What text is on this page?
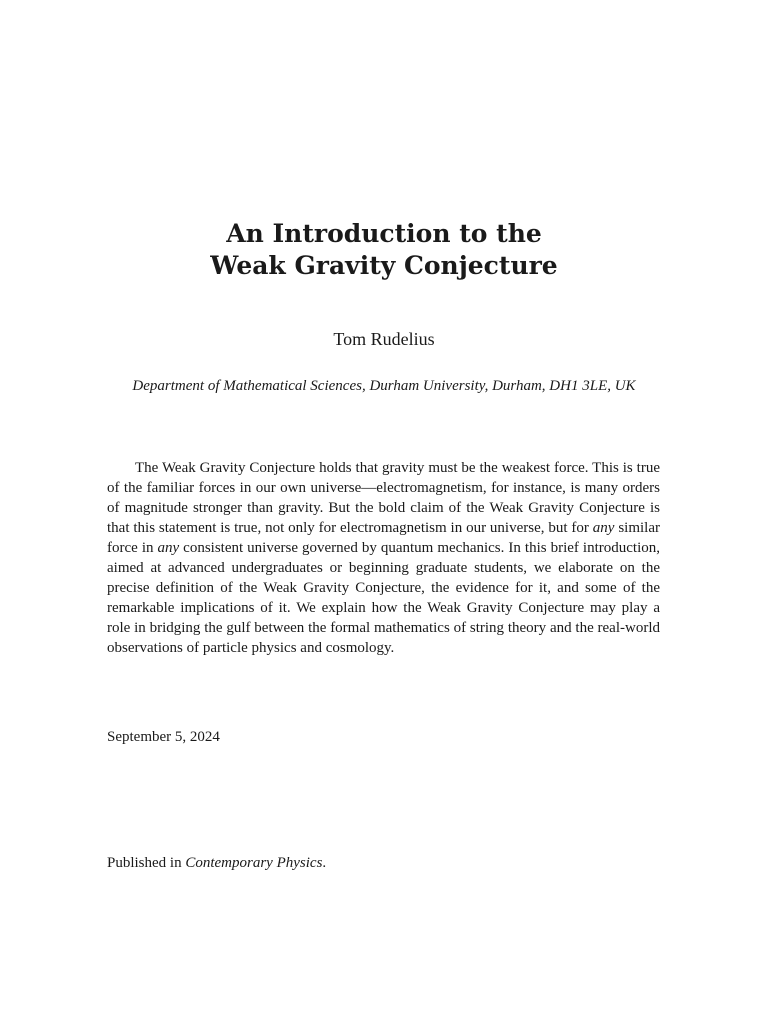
An Introduction to the
Weak Gravity Conjecture
Tom Rudelius
Department of Mathematical Sciences, Durham University, Durham, DH1 3LE, UK

The Weak Gravity Conjecture holds that gravity must be the weakest force. This is true of the familiar forces in our own universe—electromagnetism, for instance, is many orders of magnitude stronger than gravity. But the bold claim of the Weak Gravity Conjecture is that this statement is true, not only for electromagnetism in our universe, but for any similar force in any consistent universe governed by quantum mechanics. In this brief introduction, aimed at advanced undergraduates or beginning graduate students, we elaborate on the precise definition of the Weak Gravity Conjecture, the evidence for it, and some of the remarkable implications of it. We explain how the Weak Gravity Conjecture may play a role in bridging the gulf between the formal mathematics of string theory and the real-world observations of particle physics and cosmology.

September 5, 2024
Published in Contemporary Physics.
